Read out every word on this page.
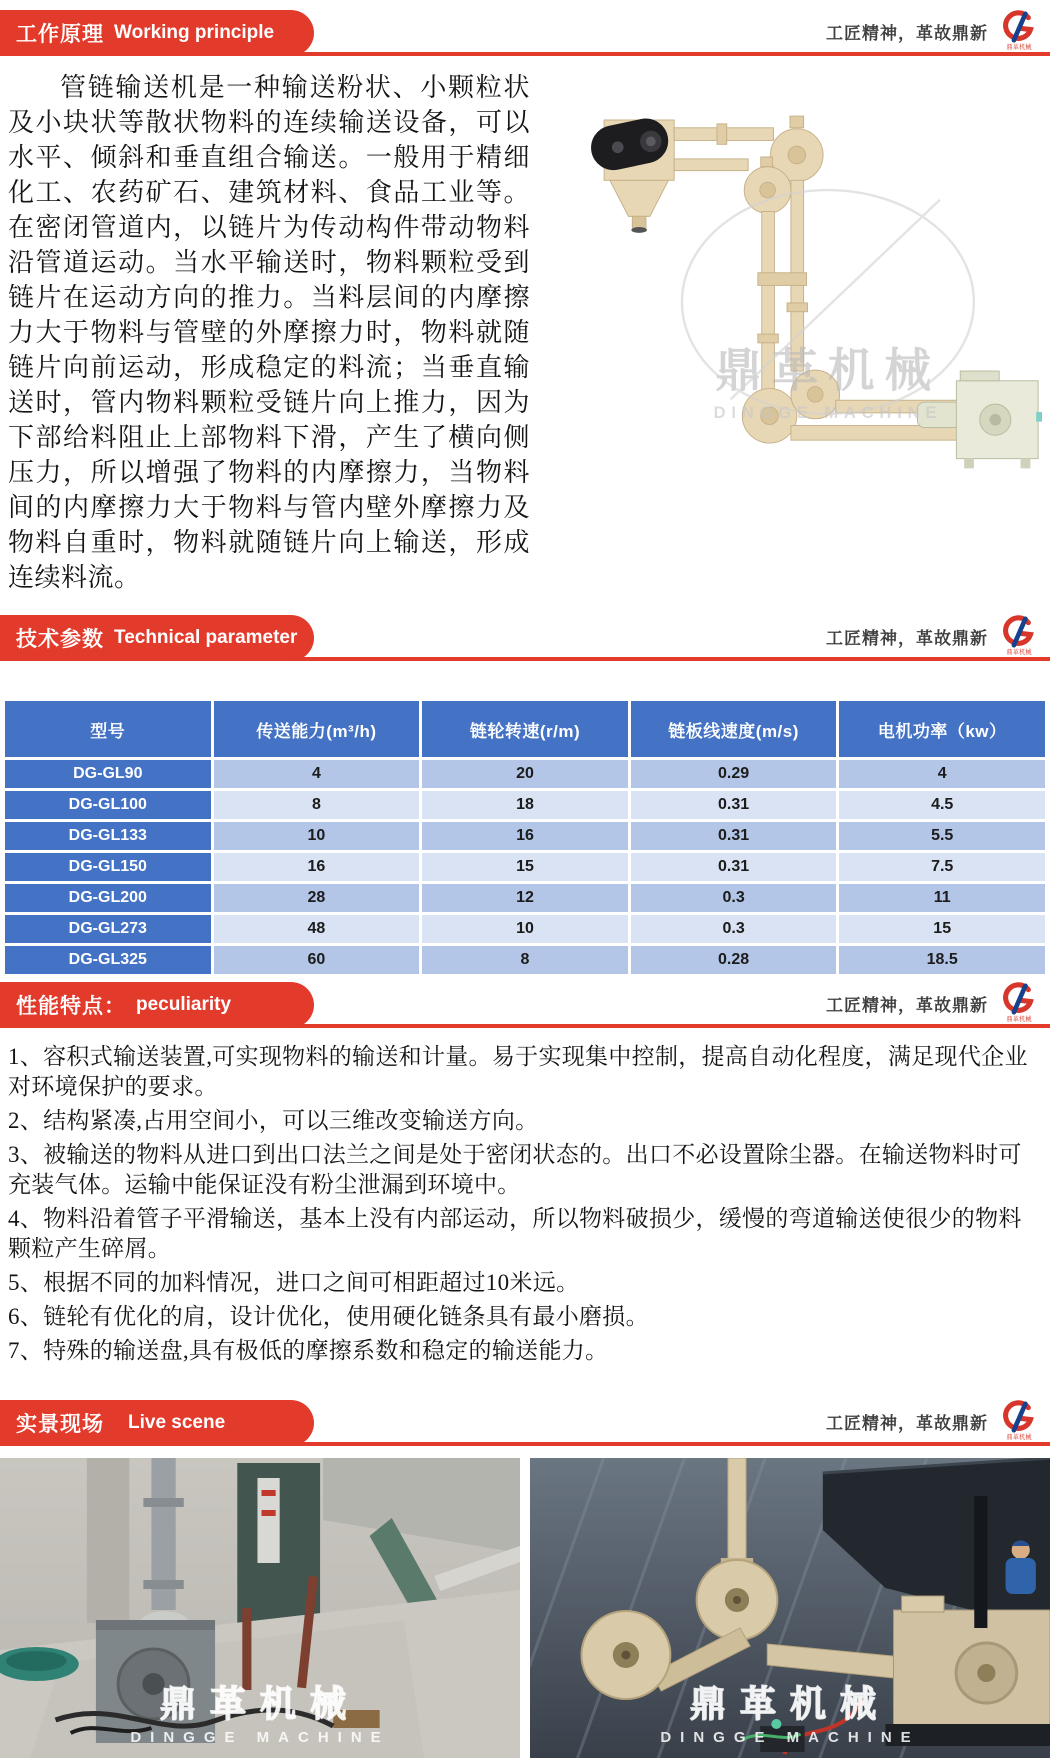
工作原理 Working principle	工匠精神，革故鼎新
鼎革机械
管链输送机是一种输送粉状、小颗粒状及小块状等散状物料的连续输送设备，可以水平、倾斜和垂直组合输送。一般用于精细化工、农药矿石、建筑材料、食品工业等。在密闭管道内，以链片为传动构件带动物料沿管道运动。当水平输送时，物料颗粒受到链片在运动方向的推力。当料层间的内摩擦力大于物料与管壁的外摩擦力时，物料就随链片向前运动，形成稳定的料流；当垂直输送时，管内物料颗粒受链片向上推力，因为下部给料阻止上部物料下滑，产生了横向侧压力，所以增强了物料的内摩擦力，当物料间的内摩擦力大于物料与管内壁外摩擦力及物料自重时，物料就随链片向上输送，形成连续料流。
鼎革机械
DINGGE MACHINE
技术参数 Technical parameter	工匠精神，革故鼎新
鼎革机械
型号	传送能力(m³/h)	链轮转速(r/m)	链板线速度(m/s)	电机功率（kw）
DG-GL90	4	20	0.29	4
DG-GL100	8	18	0.31	4.5
DG-GL133	10	16	0.31	5.5
DG-GL150	16	15	0.31	7.5
DG-GL200	28	12	0.3	11
DG-GL273	48	10	0.3	15
DG-GL325	60	8	0.28	18.5
性能特点： peculiarity	工匠精神，革故鼎新
鼎革机械

1、容积式输送装置,可实现物料的输送和计量。易于实现集中控制，提高自动化程度，满足现代企业对环境保护的要求。

2、结构紧凑,占用空间小，可以三维改变输送方向。

3、被输送的物料从进口到出口法兰之间是处于密闭状态的。出口不必设置除尘器。在输送物料时可充装气体。运输中能保证没有粉尘泄漏到环境中。

4、物料沿着管子平滑输送，基本上没有内部运动，所以物料破损少，缓慢的弯道输送使很少的物料颗粒产生碎屑。

5、根据不同的加料情况，进口之间可相距超过10米远。

6、链轮有优化的肩，设计优化，使用硬化链条具有最小磨损。

7、特殊的输送盘,具有极低的摩擦系数和稳定的输送能力。

实景现场 Live scene	工匠精神，革故鼎新
鼎革机械
鼎革机械
DINGGE MACHINE
鼎革机械
DINGGE MACHINE
